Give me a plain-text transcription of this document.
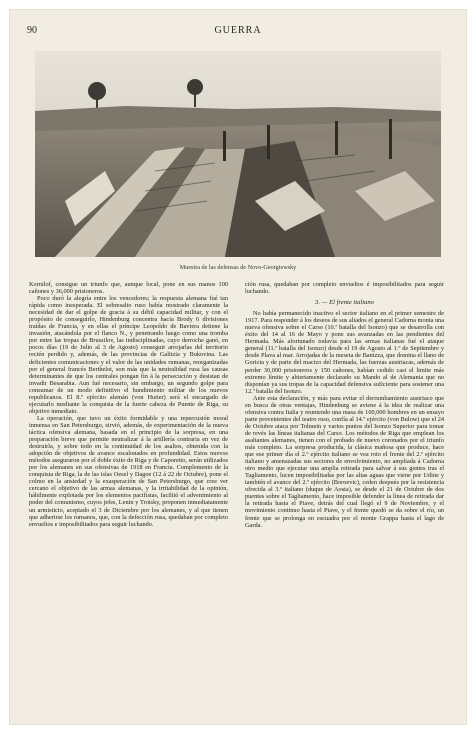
90	GUERRA
Muestra de las defensas de Novo-Georgiewsky

Kornilof, consigue un triunfo que, aunque local, pone en sus manos 100 cañones y 36,000 prisioneros.

Poco duró la alegría entre los vencedores; la respuesta alemana fué tan rápida como inesperada. El sobresalto ruso había mostrado claramente la necesidad de dar el golpe de gracia á su débil capacidad militar, y con el propósito de conseguirlo, Hindenburg concentra hacia Brody 6 divisiones traídas de Francia, y en ellas el príncipe Leopoldo de Baviera detiene la invasión, atacándola por el flanco N., y penetrando luego como una tromba por entre las tropas de Brussilov, las indisciplinadas, cuyo derroche ganó, en pocos días (19 de Julio al 3 de Agosto) conseguir arrojarlas del territorio recién perdido y, además, de las provincias de Galitzia y Bukovina. Las deficientes comunicaciones y el valor de las unidades rumanas, reorganizadas por el general francés Berthelot, son más que la neutralidad rusa las causas determinantes de que los centrales pongan fin á la persecución y desistan de invadir Besarabia. Aun fué necesario, sin embargo, un segundo golpe para consumar de un modo definitivo el hundimiento militar de los nuevos republicanos. El 8.º ejército alemán (von Hutier) será el encargado de ejecutarlo mediante la conquista de la fuerte cabeza de Puente de Riga, su objetivo inmediato.

La operación, que tuvo un éxito formidable y una repercusión moral inmensa en San Petersburgo, sirvió, además, de experimentación de la nueva táctica ofensiva alemana, basada en el principio de la sorpresa, en una preparación breve que permite neutralizar á la artillería contraria en vez de destruirla, y sobre todo en la continuidad de los asaltos, obtenida con la adopción de objetivos de avance escalonados en profundidad. Estos nuevos métodos aseguraron por el doble éxito de Riga y de Caporetto, serán utilizados por los alemanes en sus ofensivas de 1918 en Francia. Complemento de la conquista de Riga, la de las islas Oesel y Dagoe (12 á 22 de Octubre), pone el colmo en la ansiedad y la exasperación de San Petersburgo, que cree ver cercano el objetivo de las armas alemanas, y la irritabilidad de la opinión, hábilmente explotada por los elementos pacifistas, facilitó el advenimiento al poder del comunismo, cuyos jefes, Lenin y Trotsky, proponen inmediatamente un armisticio, aceptado el 3 de Diciembre por los alemanes, y al que tienen que adherirse los rumanos, que, con la defección rusa, quedaban por completo envueltos e imposibilitados para seguir luchando.

ción rusa, quedaban por completo envueltos é imposibilitados para seguir luchando.

3. — El frente italiano

No había permanecido inactivo el sector italiano en el primer semestre de 1917. Para responder á los deseos de sus aliados el general Cadorna monta una nueva ofensiva sobre el Carso (10.ª batalla del Isonzo) que se desarrolla con éxito del 14 al 16 de Mayo y pone sus avanzadas en las pendientes del Hermada. Más afortunado todavía para las armas italianas fué el ataque general (11.ª batalla del Isonzo) desde el 19 de Agosto al 1.º de Septiembre y desde Plava al mar. Arrojadas de la meseta de Banizza, que domina el llano de Gorizia y de parte del macizo del Hermada, las fuerzas austriacas, además de perder 30,000 prisioneros y 150 cañones, habían cedido casi el limite más extremo límite y abiertamente declarado su Mando al de Alemania que no disponían ya sus tropas de la capacidad defensiva suficiente para sostener una 12.ª batalla del Isonzo.

Ante esta declaración, y más para evitar el derrumbamiento austriaco que en busca de otras ventajas, Hindenburg se aviene á la idea de realizar una ofensiva contra Italia y reuniendo una masa de 100,000 hombres en un ensayo parte provenientes del teatro ruso, confía al 14.º ejército (von Bulow) que el 24 de Octubre ataca por Tolmein y varios puntos del Isonzo Superior para tomar de revés las líneas italianas del Carso. Los métodos de Riga que emplean los asaltantes alemanes, tienen con el probado de nuevo coronados por el triunfo más completo. La sorpresa producida, la clásica mañosa que produce, hace que ese primer día el 2.º ejército italiano se vea roto el frente del 2.º ejército italiano y amenazadas sus sectores de envolvimiento, no ampliada á Cadorna otro medio que ejecutar una amplia retirada para salvar á sus gentes tras el Tagliamento, lucen imposibilitadas por las altas aguas que viene por Udine y también el avance del 2.º ejército (Boroevic), ceden después por la resistencia ofrecida al 3.º italiano (duque de Aosta), se desde el 21 de Octubre de dos puentes sobre el Tagliamento, hace imposible defender la línea de retirada dar la retirada hasta el Piave, detrás del cual llegó el 9 de Noviembre, y el movimiento continuo hasta el Piave, y el frente quedó se da sobre el río, un frente que se prolonga en escuadra por el monte Grappa hasta el lago de Garda.
